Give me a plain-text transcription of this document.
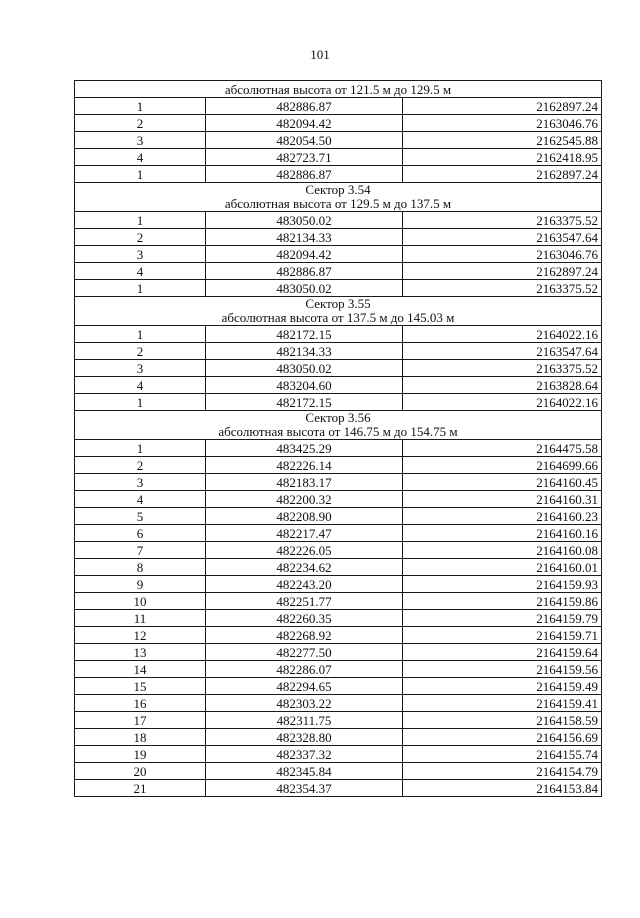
101
абсолютная высота от 121.5 м до 129.5 м		

1	482886.87	2162897.24
2	482094.42	2163046.76
3	482054.50	2162545.88
4	482723.71	2162418.95
1	482886.87	2162897.24

Сектор 3.54
абсолютная высота от 129.5 м до 137.5 м		

1	483050.02	2163375.52
2	482134.33	2163547.64
3	482094.42	2163046.76
4	482886.87	2162897.24
1	483050.02	2163375.52

Сектор 3.55
абсолютная высота от 137.5 м до 145.03 м		

1	482172.15	2164022.16
2	482134.33	2163547.64
3	483050.02	2163375.52
4	483204.60	2163828.64
1	482172.15	2164022.16

Сектор 3.56
абсолютная высота от 146.75 м до 154.75 м		

1	483425.29	2164475.58
2	482226.14	2164699.66
3	482183.17	2164160.45
4	482200.32	2164160.31
5	482208.90	2164160.23
6	482217.47	2164160.16
7	482226.05	2164160.08
8	482234.62	2164160.01
9	482243.20	2164159.93
10	482251.77	2164159.86
11	482260.35	2164159.79
12	482268.92	2164159.71
13	482277.50	2164159.64
14	482286.07	2164159.56
15	482294.65	2164159.49
16	482303.22	2164159.41
17	482311.75	2164158.59
18	482328.80	2164156.69
19	482337.32	2164155.74
20	482345.84	2164154.79
21	482354.37	2164153.84
